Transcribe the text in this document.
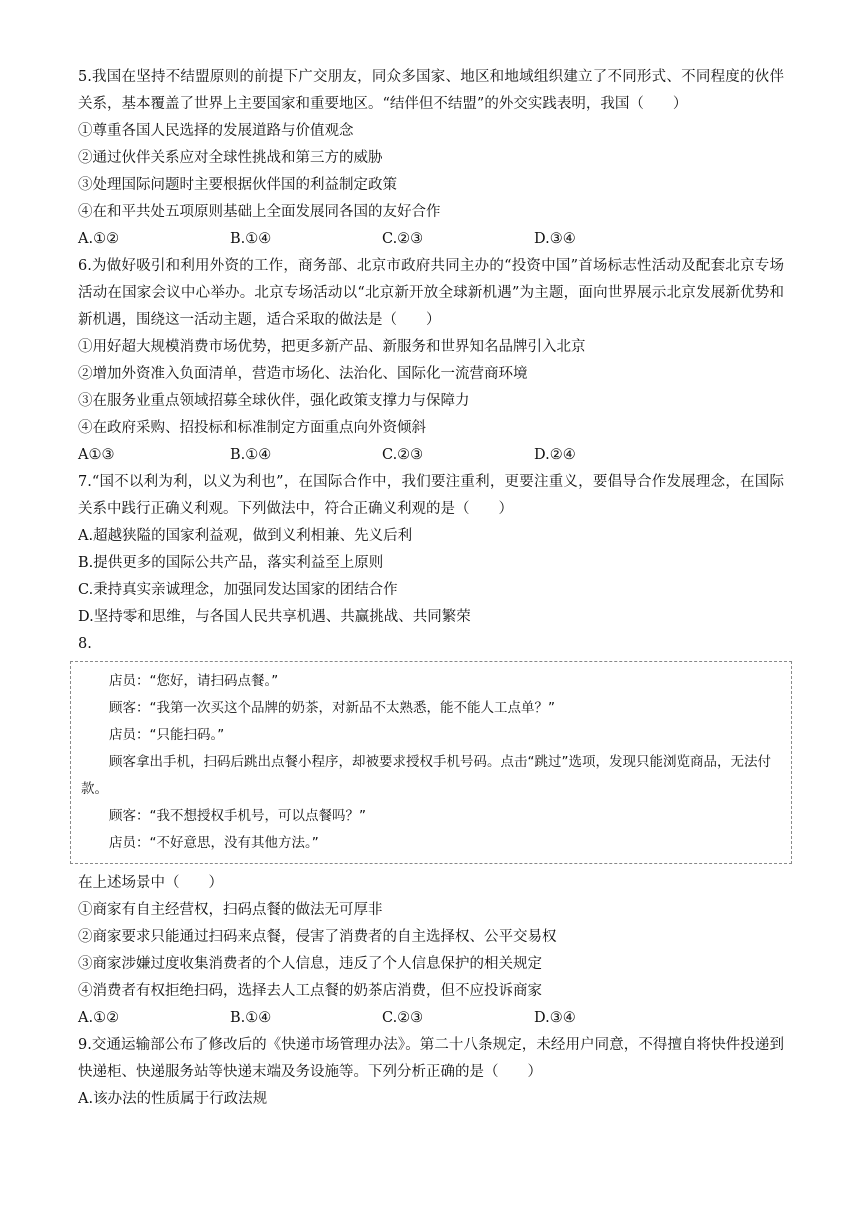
5.我国在坚持不结盟原则的前提下广交朋友，同众多国家、地区和地域组织建立了不同形式、不同程度的伙伴关系，基本覆盖了世界上主要国家和重要地区。“结伴但不结盟”的外交实践表明，我国（　　）
①尊重各国人民选择的发展道路与价值观念
②通过伙伴关系应对全球性挑战和第三方的威胁
③处理国际问题时主要根据伙伴国的利益制定政策
④在和平共处五项原则基础上全面发展同各国的友好合作
A.①②	B.①④	C.②③	D.③④
6.为做好吸引和利用外资的工作，商务部、北京市政府共同主办的“投资中国”首场标志性活动及配套北京专场活动在国家会议中心举办。北京专场活动以“北京新开放全球新机遇”为主题，面向世界展示北京发展新优势和新机遇，围绕这一活动主题，适合采取的做法是（　　）
①用好超大规模消费市场优势，把更多新产品、新服务和世界知名品牌引入北京
②增加外资准入负面清单，营造市场化、法治化、国际化一流营商环境
③在服务业重点领域招募全球伙伴，强化政策支撑力与保障力
④在政府采购、招投标和标准制定方面重点向外资倾斜
A①③	B.①④	C.②③	D.②④
7.“国不以利为利，以义为利也”，在国际合作中，我们要注重利，更要注重义，要倡导合作发展理念，在国际关系中践行正确义利观。下列做法中，符合正确义利观的是（　　）
A.超越狭隘的国家利益观，做到义利相兼、先义后利
B.提供更多的国际公共产品，落实利益至上原则
C.秉持真实亲诚理念，加强同发达国家的团结合作
D.坚持零和思维，与各国人民共享机遇、共赢挑战、共同繁荣
8.
店员：“您好，请扫码点餐。”
顾客：“我第一次买这个品牌的奶茶，对新品不太熟悉，能不能人工点单？”
店员：“只能扫码。”
顾客拿出手机，扫码后跳出点餐小程序，却被要求授权手机号码。点击“跳过”选项，发现只能浏览商品，无法付款。
顾客：“我不想授权手机号，可以点餐吗？”
店员：“不好意思，没有其他方法。”
在上述场景中（　　）
①商家有自主经营权，扫码点餐的做法无可厚非
②商家要求只能通过扫码来点餐，侵害了消费者的自主选择权、公平交易权
③商家涉嫌过度收集消费者的个人信息，违反了个人信息保护的相关规定
④消费者有权拒绝扫码，选择去人工点餐的奶茶店消费，但不应投诉商家
A.①②	B.①④	C.②③	D.③④
9.交通运输部公布了修改后的《快递市场管理办法》。第二十八条规定，未经用户同意，不得擅自将快件投递到快递柜、快递服务站等快递末端及务设施等。下列分析正确的是（　　）
A.该办法的性质属于行政法规
